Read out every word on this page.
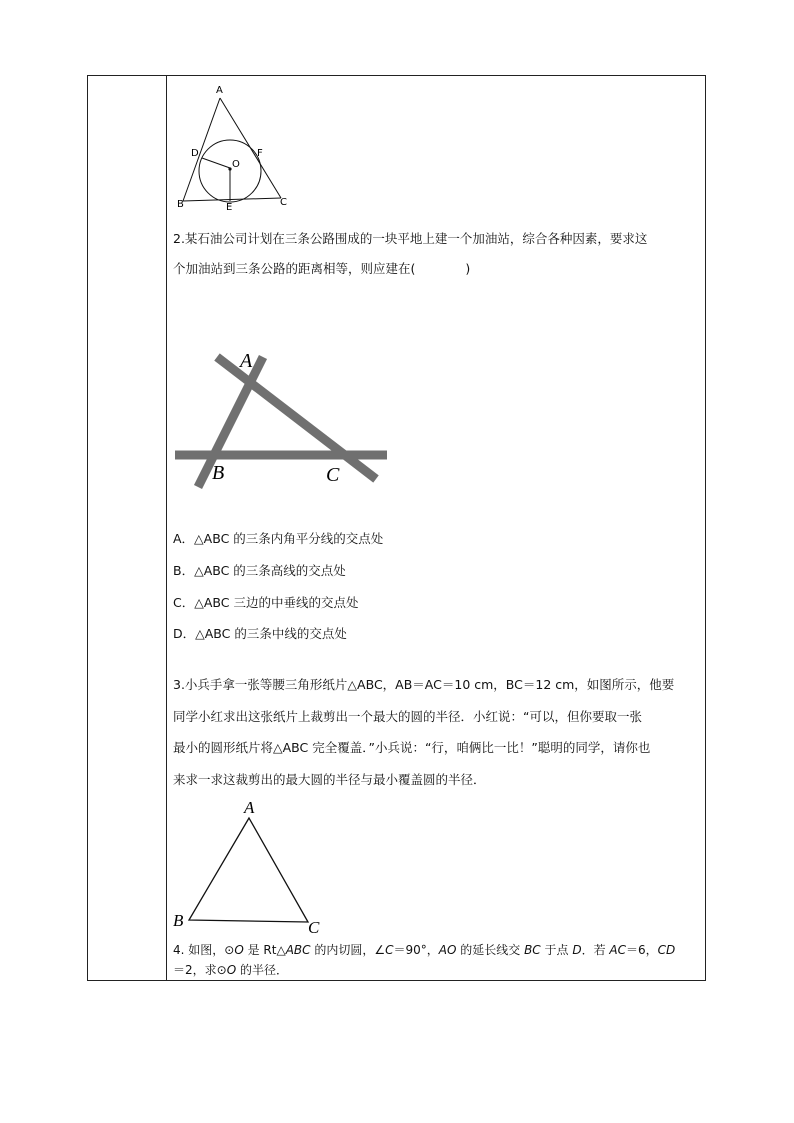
A
B	C
D
E
F
O
2.某石油公司计划在三条公路围成的一块平地上建一个加油站，综合各种因素，要求这
个加油站到三条公路的距离相等，则应建在(　　　　)
A
B	C
A．△ABC 的三条内角平分线的交点处
B．△ABC 的三条高线的交点处
C．△ABC 三边的中垂线的交点处
D．△ABC 的三条中线的交点处
3.小兵手拿一张等腰三角形纸片△ABC，AB＝AC＝10 cm，BC＝12 cm，如图所示，他要
同学小红求出这张纸片上裁剪出一个最大的圆的半径．小红说：“可以，但你要取一张
最小的圆形纸片将△ABC 完全覆盖．”小兵说：“行，咱俩比一比！”聪明的同学，请你也
来求一求这裁剪出的最大圆的半径与最小覆盖圆的半径．
A
B	C
4. 如图，⊙O 是 Rt△ABC 的内切圆，∠C＝90°，AO 的延长线交 BC 于点 D．若 AC＝6，CD
＝2，求⊙O 的半径．
